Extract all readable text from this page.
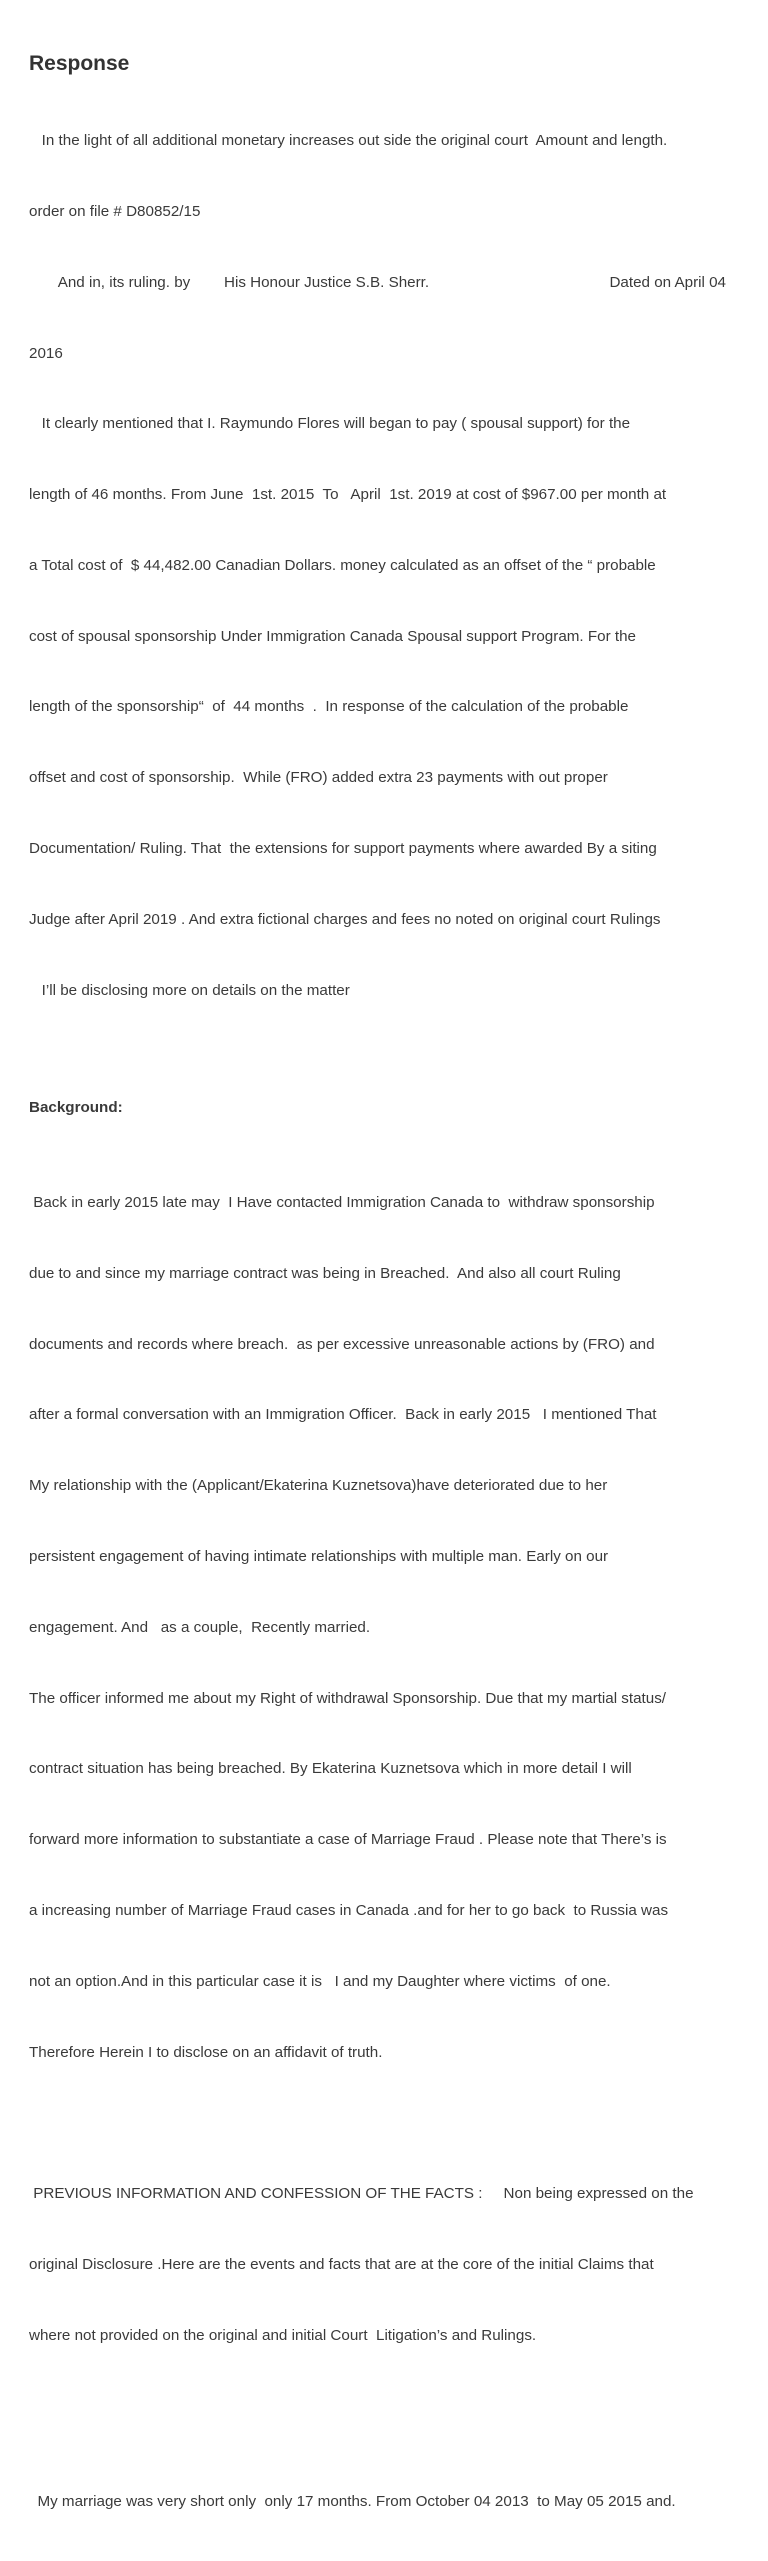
Response

In the light of all additional monetary increases out side the original court  Amount and length.

order on file # D80852/15

And in, its ruling. by        His Honour Justice S.B. Sherr.	Dated on April 04

2016

It clearly mentioned that I. Raymundo Flores will began to pay ( spousal support) for the

length of 46 months. From June  1st. 2015  To   April  1st. 2019 at cost of $967.00 per month at

a Total cost of  $ 44,482.00 Canadian Dollars. money calculated as an offset of the “ probable

cost of spousal sponsorship Under Immigration Canada Spousal support Program. For the

length of the sponsorship“  of  44 months  .  In response of the calculation of the probable

offset and cost of sponsorship.  While (FRO) added extra 23 payments with out proper

Documentation/ Ruling. That  the extensions for support payments where awarded By a siting

Judge after April 2019 . And extra fictional charges and fees no noted on original court Rulings

I’ll be disclosing more on details on the matter

Background:

Back in early 2015 late may  I Have contacted Immigration Canada to  withdraw sponsorship

due to and since my marriage contract was being in Breached.  And also all court Ruling

documents and records where breach.  as per excessive unreasonable actions by (FRO) and

after a formal conversation with an Immigration Officer.  Back in early 2015   I mentioned That

My relationship with the (Applicant/Ekaterina Kuznetsova)have deteriorated due to her

persistent engagement of having intimate relationships with multiple man. Early on our

engagement. And   as a couple,  Recently married.

The officer informed me about my Right of withdrawal Sponsorship. Due that my martial status/

contract situation has being breached. By Ekaterina Kuznetsova which in more detail I will

forward more information to substantiate a case of Marriage Fraud . Please note that There’s is

a increasing number of Marriage Fraud cases in Canada .and for her to go back  to Russia was

not an option.And in this particular case it is   I and my Daughter where victims  of one.

Therefore Herein I to disclose on an affidavit of truth.

PREVIOUS INFORMATION AND CONFESSION OF THE FACTS :     Non being expressed on the

original Disclosure .Here are the events and facts that are at the core of the initial Claims that

where not provided on the original and initial Court  Litigation’s and Rulings.

My marriage was very short only  only 17 months. From October 04 2013  to May 05 2015 and.
